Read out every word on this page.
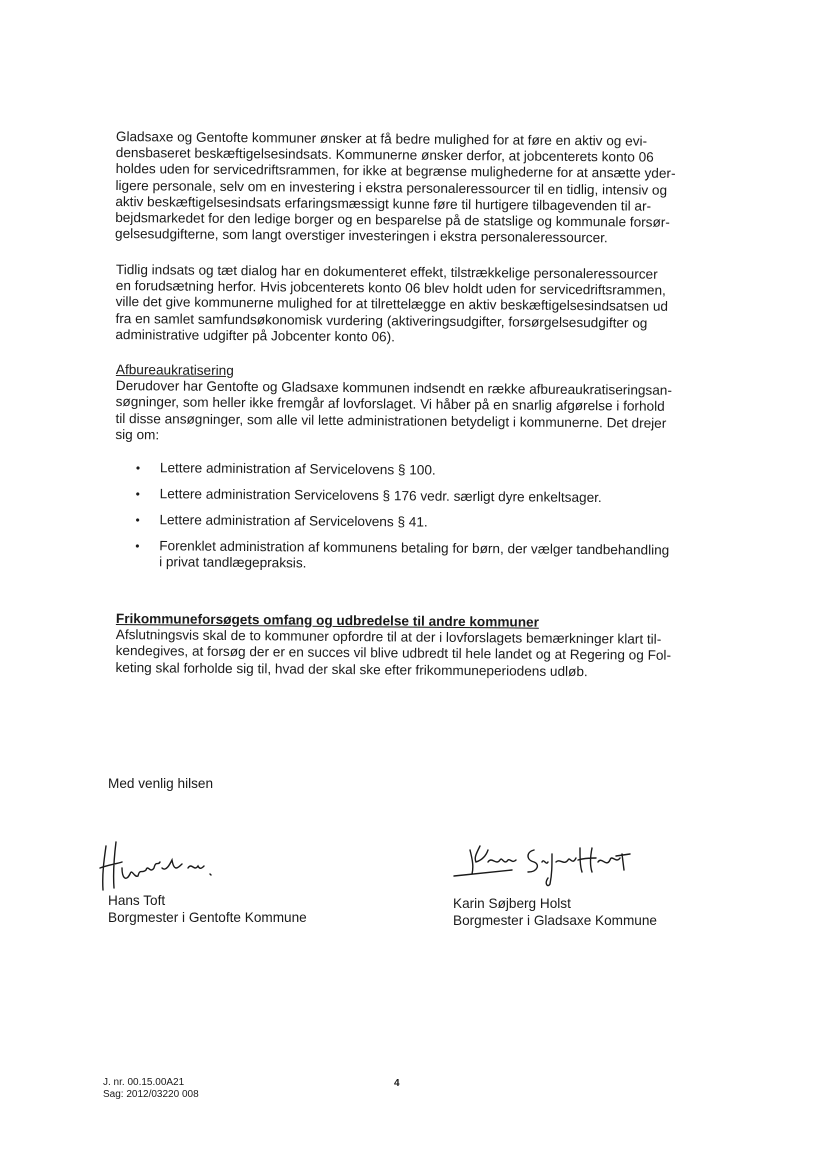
Gladsaxe og Gentofte kommuner ønsker at få bedre mulighed for at føre en aktiv og evi-
densbaseret beskæftigelsesindsats. Kommunerne ønsker derfor, at jobcenterets konto 06
holdes uden for servicedriftsrammen, for ikke at begrænse mulighederne for at ansætte yder-
ligere personale, selv om en investering i ekstra personaleressourcer til en tidlig, intensiv og
aktiv beskæftigelsesindsats erfaringsmæssigt kunne føre til hurtigere tilbagevenden til ar-
bejdsmarkedet for den ledige borger og en besparelse på de statslige og kommunale forsør-
gelsesudgifterne, som langt overstiger investeringen i ekstra personaleressourcer.
Tidlig indsats og tæt dialog har en dokumenteret effekt, tilstrækkelige personaleressourcer
en forudsætning herfor. Hvis jobcenterets konto 06 blev holdt uden for servicedriftsrammen,
ville det give kommunerne mulighed for at tilrettelægge en aktiv beskæftigelsesindsatsen ud
fra en samlet samfundsøkonomisk vurdering (aktiveringsudgifter, forsørgelsesudgifter og
administrative udgifter på Jobcenter konto 06).
Afbureaukratisering
Derudover har Gentofte og Gladsaxe kommunen indsendt en række afbureaukratiseringsan-
søgninger, som heller ikke fremgår af lovforslaget. Vi håber på en snarlig afgørelse i forhold
til disse ansøgninger, som alle vil lette administrationen betydeligt i kommunerne. Det drejer
sig om:
• Lettere administration af Servicelovens § 100.
• Lettere administration Servicelovens § 176 vedr. særligt dyre enkeltsager.
• Lettere administration af Servicelovens § 41.
• Forenklet administration af kommunens betaling for børn, der vælger tandbehandling
i privat tandlægepraksis.
Frikommuneforsøgets omfang og udbredelse til andre kommuner
Afslutningsvis skal de to kommuner opfordre til at der i lovforslagets bemærkninger klart til-
kendegives, at forsøg der er en succes vil blive udbredt til hele landet og at Regering og Fol-
keting skal forholde sig til, hvad der skal ske efter frikommuneperiodens udløb.
Med venlig hilsen
Hans Toft
Borgmester i Gentofte Kommune
Karin Søjberg Holst
Borgmester i Gladsaxe Kommune
J. nr. 00.15.00A21
Sag: 2012/03220 008
4
